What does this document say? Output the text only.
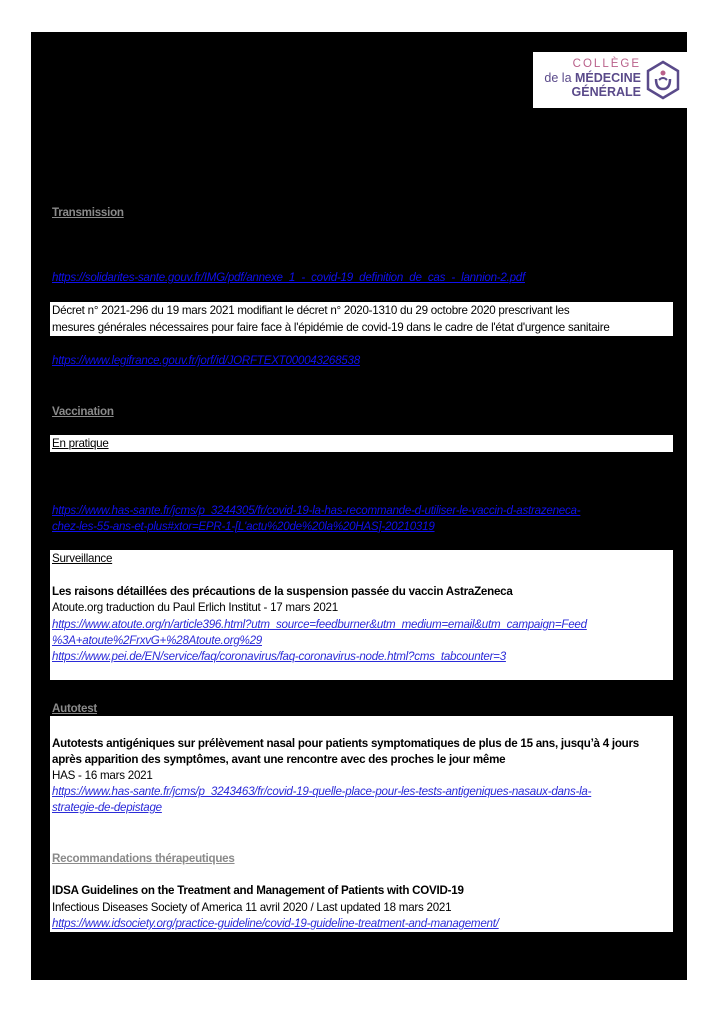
COLLÈGE
de la MÉDECINE
GÉNÉRALE
Transmission
https://solidarites-sante.gouv.fr/IMG/pdf/annexe_1_-_covid-19_definition_de_cas_-_lannion-2.pdf
Décret n° 2021-296 du 19 mars 2021 modifiant le décret n° 2020-1310 du 29 octobre 2020 prescrivant les
mesures générales nécessaires pour faire face à l'épidémie de covid-19 dans le cadre de l'état d'urgence sanitaire
https://www.legifrance.gouv.fr/jorf/id/JORFTEXT000043268538
Vaccination
En pratique
https://www.has-sante.fr/jcms/p_3244305/fr/covid-19-la-has-recommande-d-utiliser-le-vaccin-d-astrazeneca-
chez-les-55-ans-et-plus#xtor=EPR-1-[L'actu%20de%20la%20HAS]-20210319
Surveillance
Les raisons détaillées des précautions de la suspension passée du vaccin AstraZeneca
Atoute.org traduction du Paul Erlich Institut - 17 mars 2021
https://www.atoute.org/n/article396.html?utm_source=feedburner&utm_medium=email&utm_campaign=Feed
%3A+atoute%2FrxvG+%28Atoute.org%29
https://www.pei.de/EN/service/faq/coronavirus/faq-coronavirus-node.html?cms_tabcounter=3
Autotest
Autotests antigéniques sur prélèvement nasal pour patients symptomatiques de plus de 15 ans, jusqu’à 4 jours
après apparition des symptômes, avant une rencontre avec des proches le jour même
HAS - 16 mars 2021
https://www.has-sante.fr/jcms/p_3243463/fr/covid-19-quelle-place-pour-les-tests-antigeniques-nasaux-dans-la-
strategie-de-depistage
Recommandations thérapeutiques
IDSA Guidelines on the Treatment and Management of Patients with COVID-19
Infectious Diseases Society of America 11 avril 2020 / Last updated 18 mars 2021
https://www.idsociety.org/practice-guideline/covid-19-guideline-treatment-and-management/
